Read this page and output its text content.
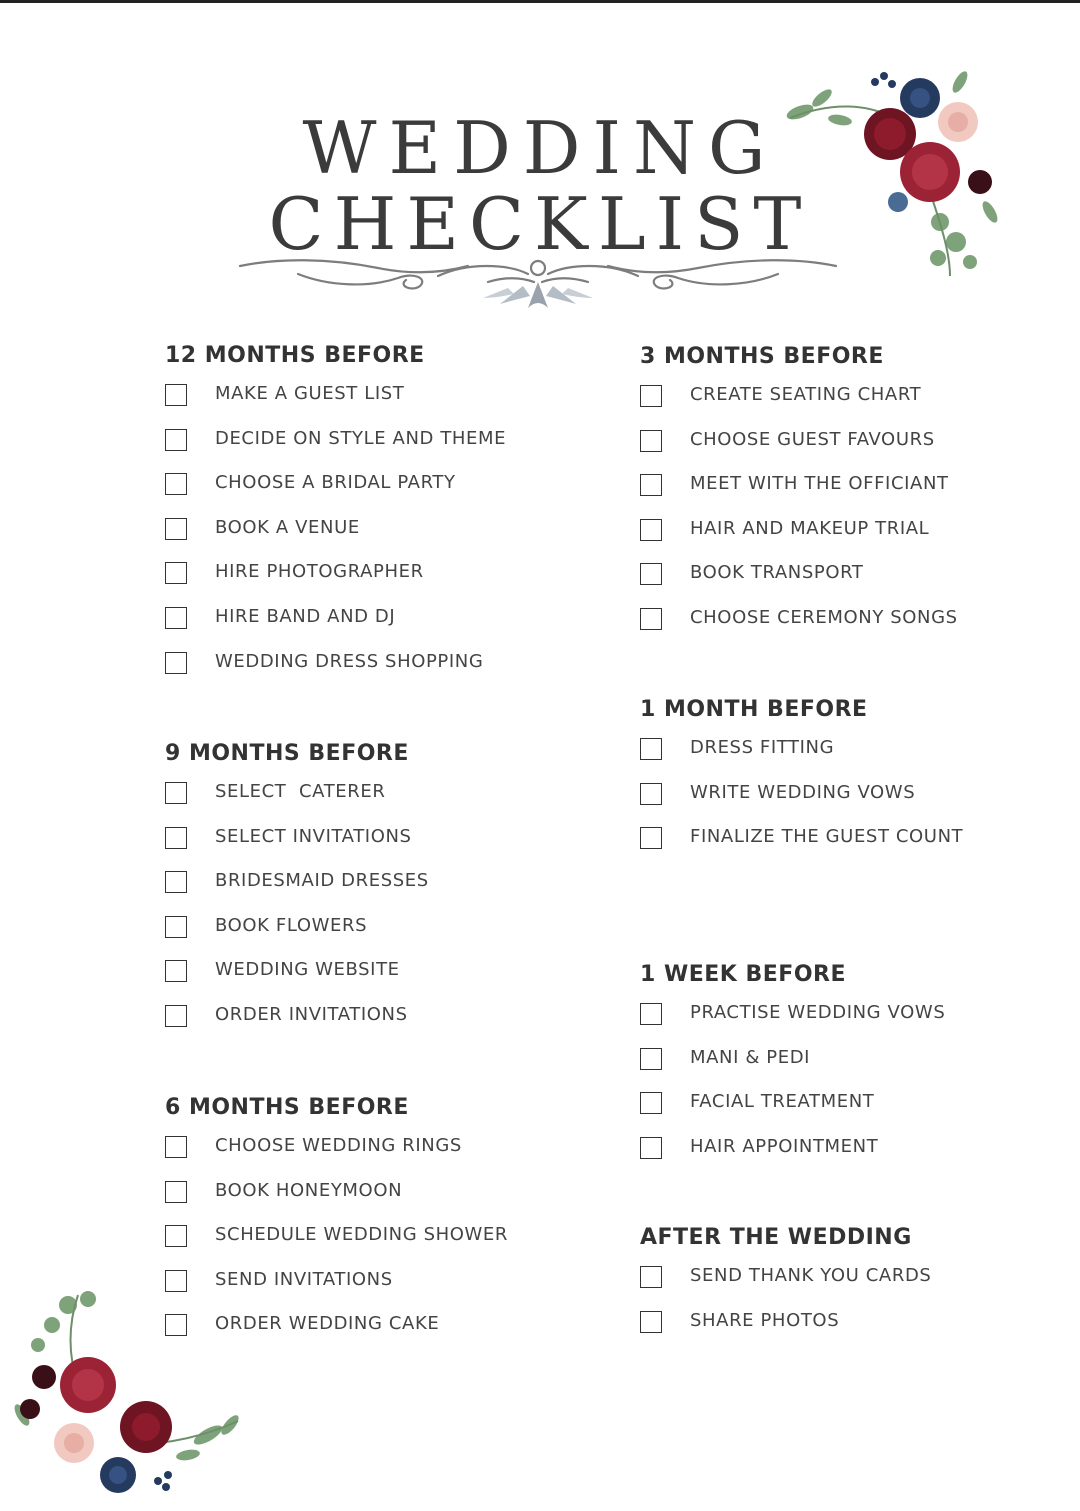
WEDDING
CHECKLIST
12 MONTHS BEFORE
MAKE A GUEST LIST
DECIDE ON STYLE AND THEME
CHOOSE A BRIDAL PARTY
BOOK A VENUE
HIRE PHOTOGRAPHER
HIRE BAND AND DJ
WEDDING DRESS SHOPPING
9 MONTHS BEFORE
SELECT  CATERER
SELECT INVITATIONS
BRIDESMAID DRESSES
BOOK FLOWERS
WEDDING WEBSITE
ORDER INVITATIONS
6 MONTHS BEFORE
CHOOSE WEDDING RINGS
BOOK HONEYMOON
SCHEDULE WEDDING SHOWER
SEND INVITATIONS
ORDER WEDDING CAKE
3 MONTHS BEFORE
CREATE SEATING CHART
CHOOSE GUEST FAVOURS
MEET WITH THE OFFICIANT
HAIR AND MAKEUP TRIAL
BOOK TRANSPORT
CHOOSE CEREMONY SONGS
1 MONTH BEFORE
DRESS FITTING
WRITE WEDDING VOWS
FINALIZE THE GUEST COUNT
1 WEEK BEFORE
PRACTISE WEDDING VOWS
MANI & PEDI
FACIAL TREATMENT
HAIR APPOINTMENT
AFTER THE WEDDING
SEND THANK YOU CARDS
SHARE PHOTOS
